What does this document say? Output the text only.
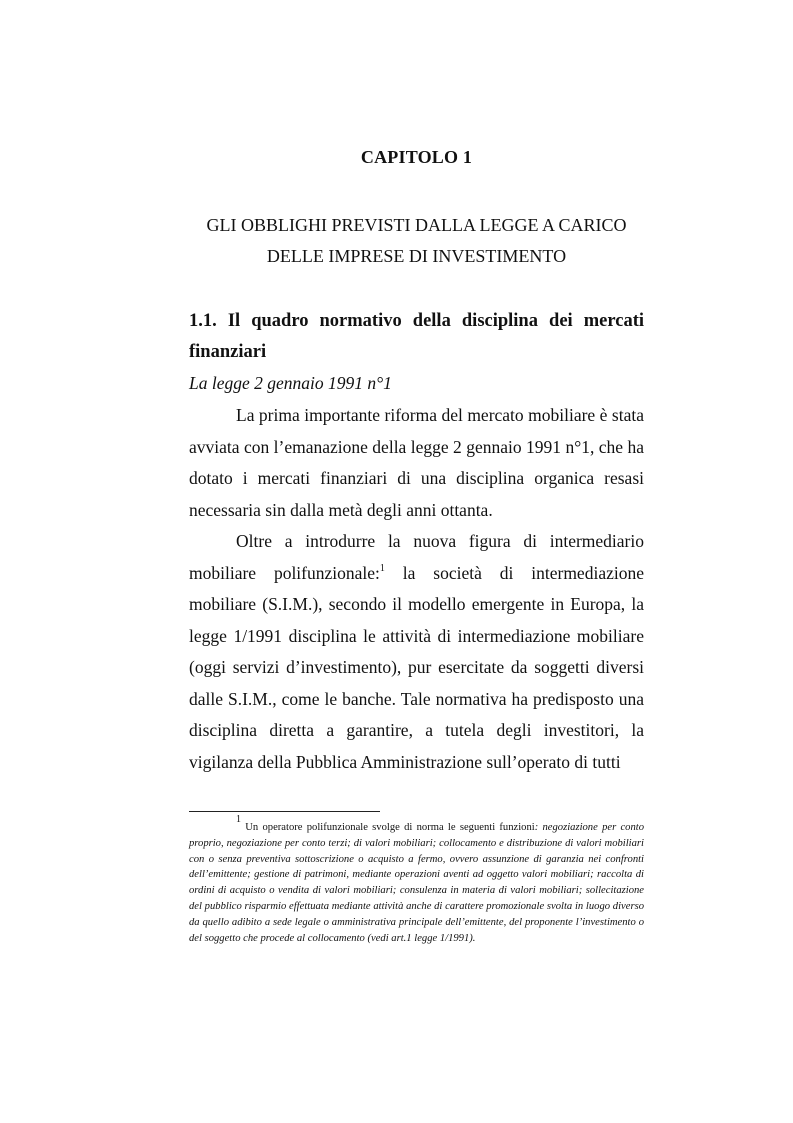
CAPITOLO 1
GLI OBBLIGHI PREVISTI DALLA LEGGE A CARICO DELLE IMPRESE DI INVESTIMENTO
1.1. Il quadro normativo della disciplina dei mercati finanziari
La legge 2 gennaio 1991 n°1

La prima importante riforma del mercato mobiliare è stata avviata con l’emanazione della legge 2 gennaio 1991 n°1, che ha dotato i mercati finanziari di una disciplina organica resasi necessaria sin dalla metà degli anni ottanta.

Oltre a introdurre la nuova figura di intermediario mobiliare polifunzionale:$^1$ la società di intermediazione mobiliare (S.I.M.), secondo il modello emergente in Europa, la legge 1/1991 disciplina le attività di intermediazione mobiliare (oggi servizi d’investimento), pur esercitate da soggetti diversi dalle S.I.M., come le banche. Tale normativa ha predisposto una disciplina diretta a garantire, a tutela degli investitori, la vigilanza della Pubblica Amministrazione sull’operato di tutti

$^1$ Un operatore polifunzionale svolge di norma le seguenti funzioni: negoziazione per conto proprio, negoziazione per conto terzi; di valori mobiliari; collocamento e distribuzione di valori mobiliari con o senza preventiva sottoscrizione o acquisto a fermo, ovvero assunzione di garanzia nei confronti dell’emittente; gestione di patrimoni, mediante operazioni aventi ad oggetto valori mobiliari; raccolta di ordini di acquisto o vendita di valori mobiliari; consulenza in materia di valori mobiliari; sollecitazione del pubblico risparmio effettuata mediante attività anche di carattere promozionale svolta in luogo diverso da quello adibito a sede legale o amministrativa principale dell’emittente, del proponente l’investimento o del soggetto che procede al collocamento (vedi art.1 legge 1/1991).
